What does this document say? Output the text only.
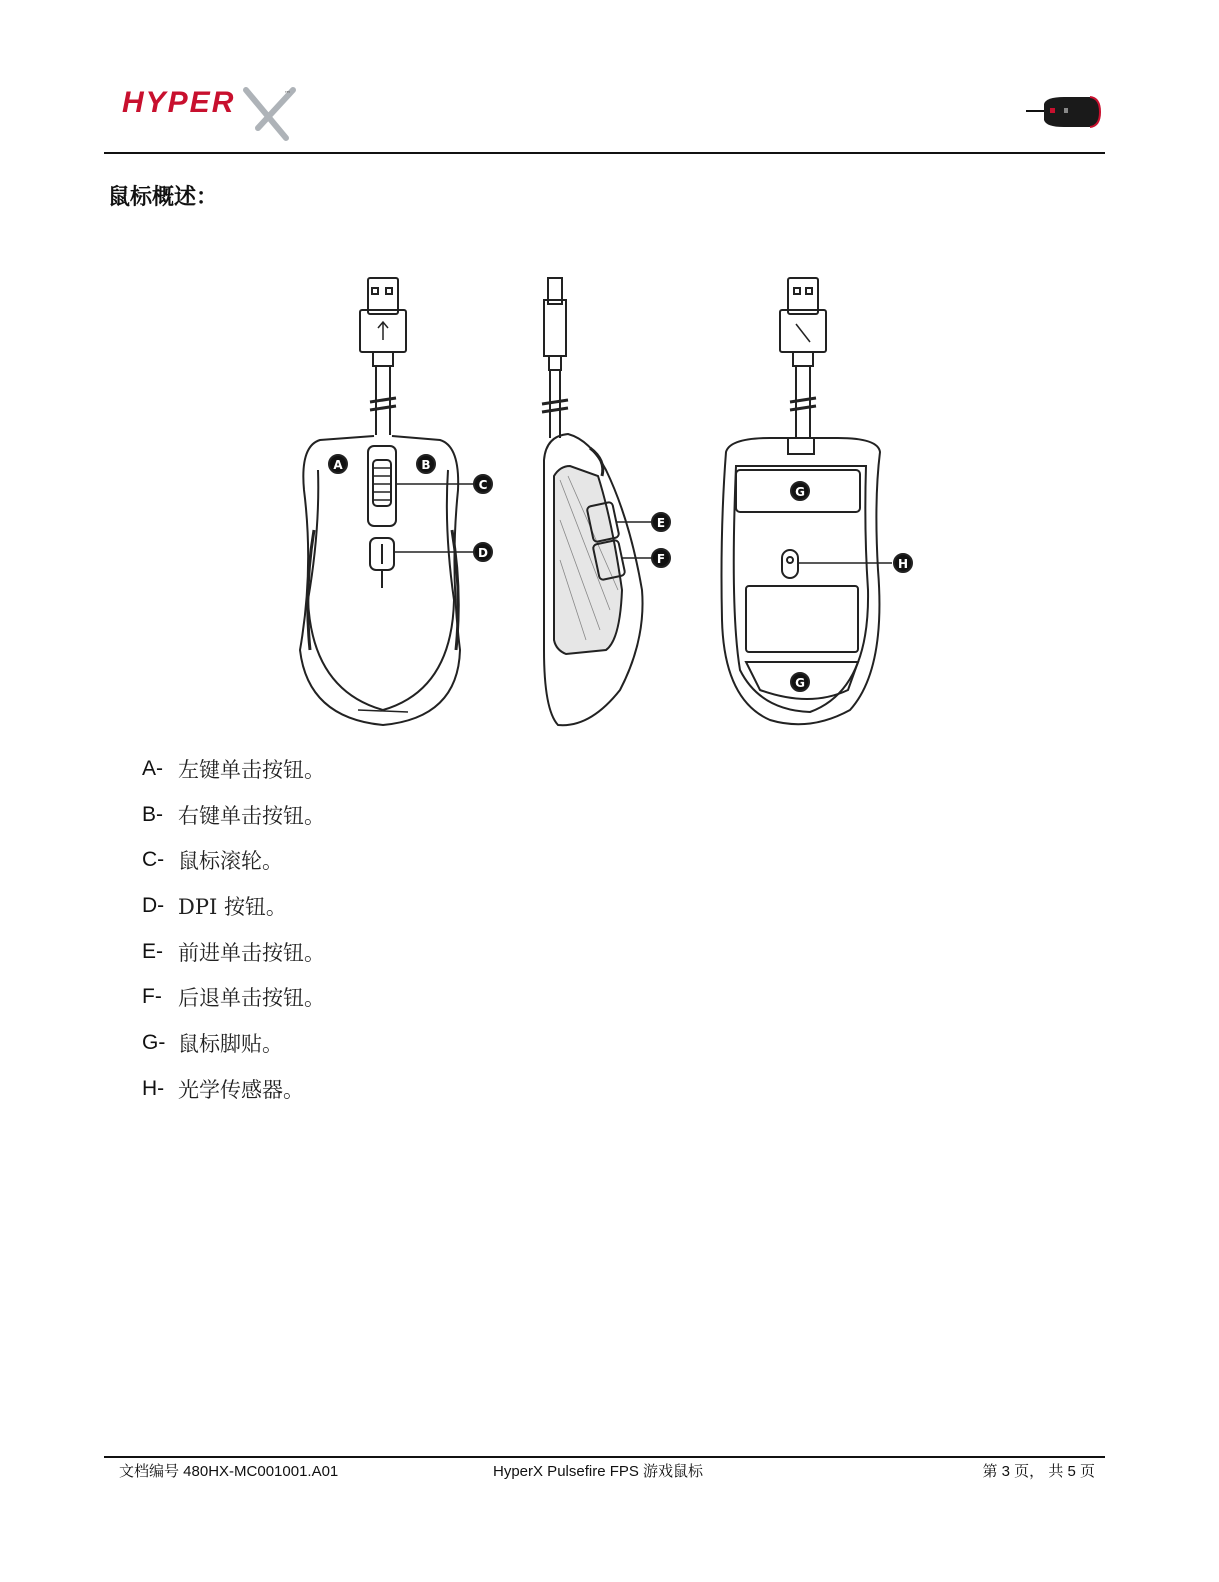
HYPER	™
鼠标概述：
A	B
C
D
E
F
G
G
H
A- 左键单击按钮。
B- 右键单击按钮。
C- 鼠标滚轮。
D- DPI 按钮。
E- 前进单击按钮。
F- 后退单击按钮。
G- 鼠标脚贴。
H- 光学传感器。
文档编号 480HX-MC001001.A01	HyperX Pulsefire FPS 游戏鼠标	第 3 页， 共 5 页
